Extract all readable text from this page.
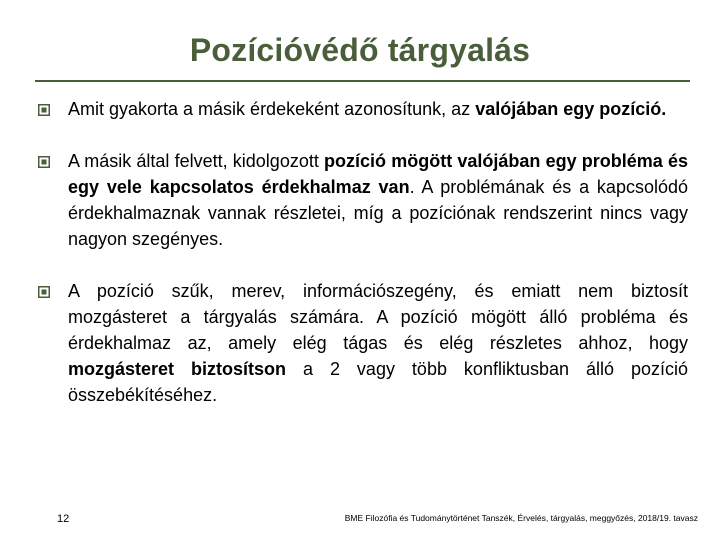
Pozícióvédő tárgyalás
Amit gyakorta a másik érdekeként azonosítunk, az valójában egy pozíció.
A másik által felvett, kidolgozott pozíció mögött valójában egy probléma és egy vele kapcsolatos érdekhalmaz van. A problémának és a kapcsolódó érdekhalmaznak vannak részletei, míg a pozíciónak rendszerint nincs vagy nagyon szegényes.
A pozíció szűk, merev, információszegény, és emiatt nem biztosít mozgásteret a tárgyalás számára. A pozíció mögött álló probléma és érdekhalmaz az, amely elég tágas és elég részletes ahhoz, hogy mozgásteret biztosítson a 2 vagy több konfliktusban álló pozíció összebékítéséhez.
12	BME Filozófia és Tudománytörténet Tanszék, Érvelés, tárgyalás, meggyőzés, 2018/19. tavasz
